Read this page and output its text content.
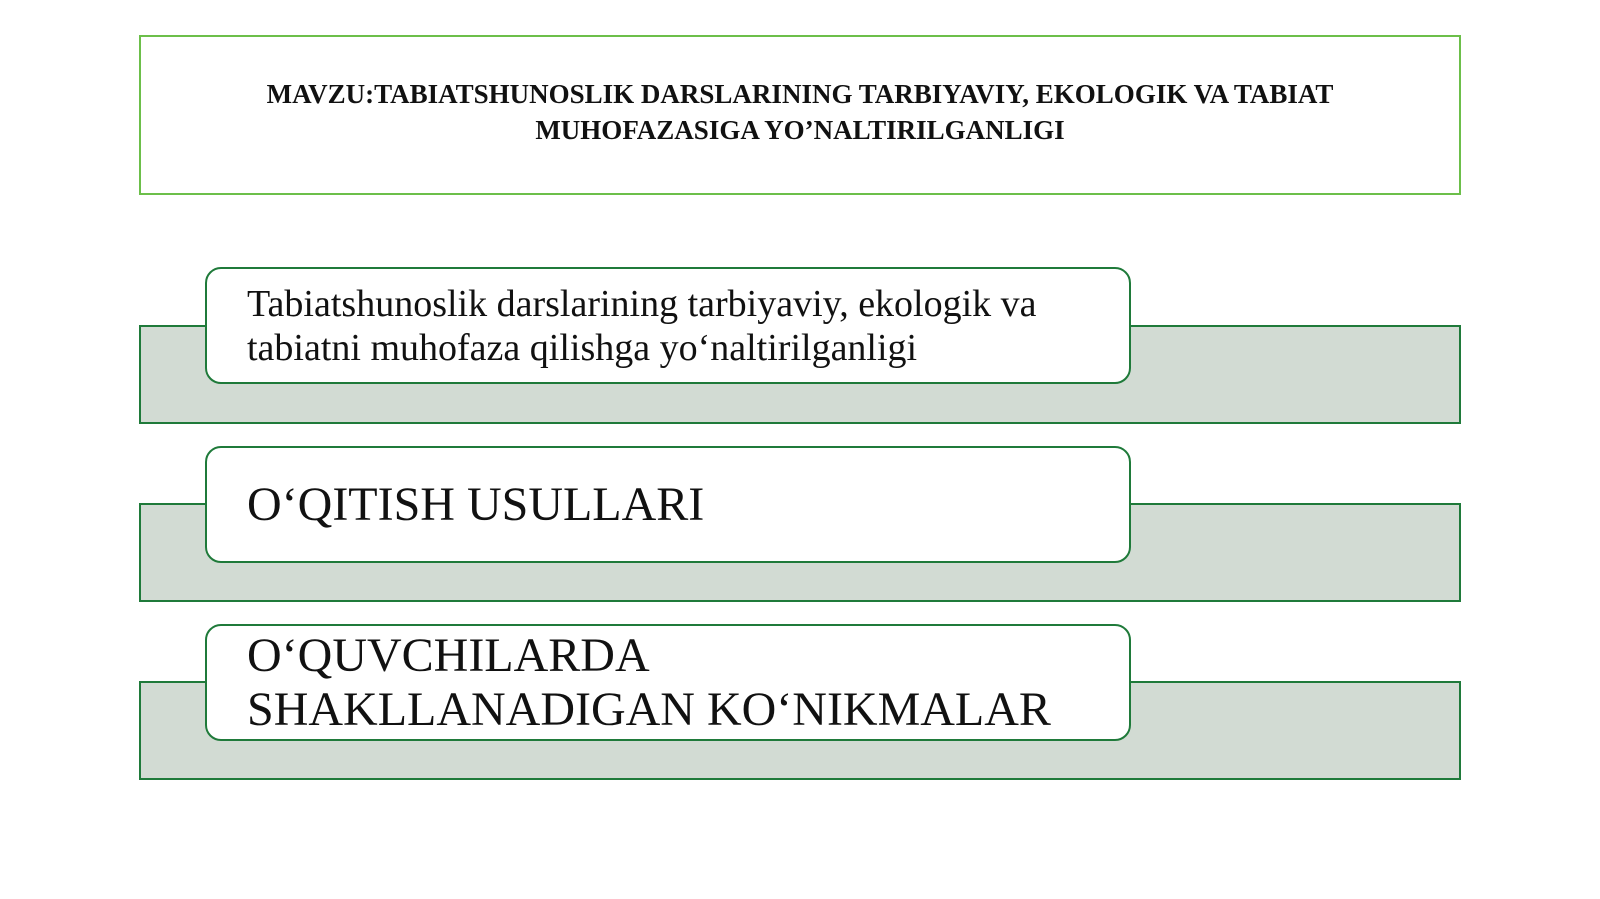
MAVZU:TABIATSHUNOSLIK DARSLARINING TARBIYAVIY, EKOLOGIK VA TABIAT MUHOFAZASIGA YO’NALTIRILGANLIGI
Tabiatshunoslik darslarining tarbiyaviy, ekologik va tabiatni muhofaza qilishga yo‘naltirilganligi
O‘QITISH USULLARI
O‘QUVCHILARDA SHAKLLANADIGAN KO‘NIKMALAR
